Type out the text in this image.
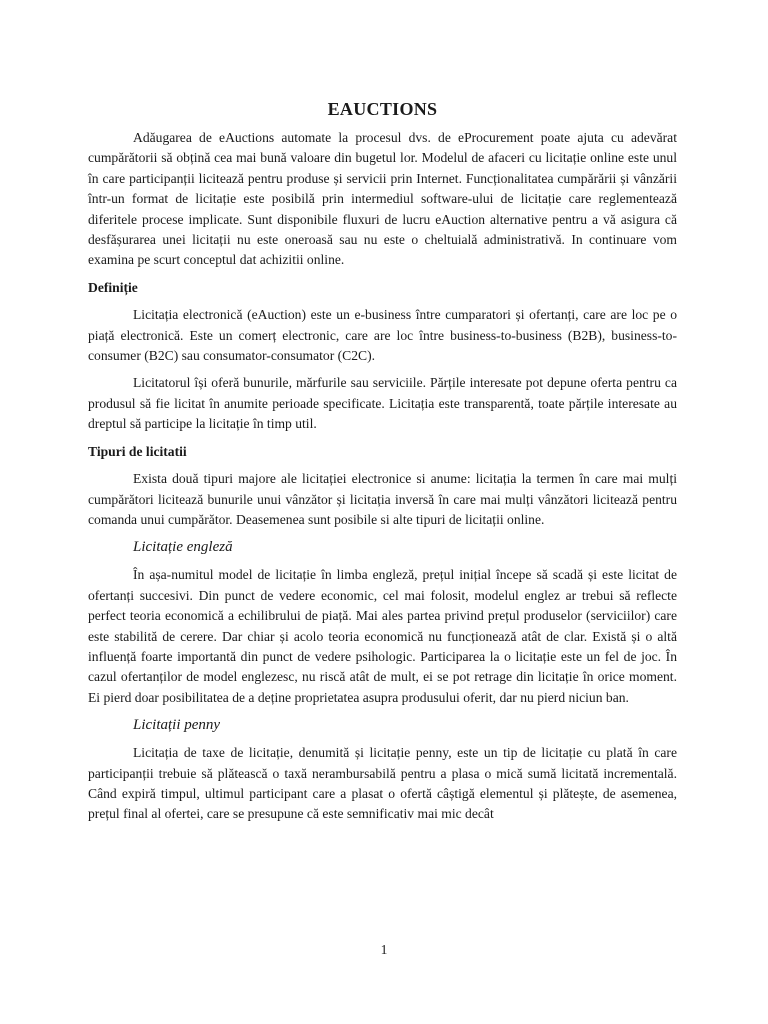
EAUCTIONS

Adăugarea de eAuctions automate la procesul dvs. de eProcurement poate ajuta cu adevărat cumpărătorii să obțină cea mai bună valoare din bugetul lor. Modelul de afaceri cu licitație online este unul în care participanții licitează pentru produse și servicii prin Internet. Funcționalitatea cumpărării și vânzării într-un format de licitație este posibilă prin intermediul software-ului de licitație care reglementează diferitele procese implicate. Sunt disponibile fluxuri de lucru eAuction alternative pentru a vă asigura că desfășurarea unei licitații nu este oneroasă sau nu este o cheltuială administrativă. In continuare vom examina pe scurt conceptul dat achizitii online.

Definiție

Licitația electronică (eAuction) este un e-business între cumparatori și ofertanți, care are loc pe o piață electronică. Este un comerț electronic, care are loc între business-to-business (B2B), business-to-consumer (B2C) sau consumator-consumator (C2C).

Licitatorul își oferă bunurile, mărfurile sau serviciile. Părțile interesate pot depune oferta pentru ca produsul să fie licitat în anumite perioade specificate. Licitația este transparentă, toate părțile interesate au dreptul să participe la licitație în timp util.

Tipuri de licitatii

Exista două tipuri majore ale licitației electronice si anume: licitația la termen în care mai mulți cumpărători licitează bunurile unui vânzător și licitația inversă în care mai mulți vânzători licitează pentru comanda unui cumpărător. Deasemenea sunt posibile si alte tipuri de licitații online.

Licitație engleză

În așa-numitul model de licitație în limba engleză, prețul inițial începe să scadă și este licitat de ofertanți succesivi. Din punct de vedere economic, cel mai folosit, modelul englez ar trebui să reflecte perfect teoria economică a echilibrului de piață. Mai ales partea privind prețul produselor (serviciilor) care este stabilită de cerere. Dar chiar și acolo teoria economică nu funcționează atât de clar. Există și o altă influență foarte importantă din punct de vedere psihologic. Participarea la o licitație este un fel de joc. În cazul ofertanților de model englezesc, nu riscă atât de mult, ei se pot retrage din licitație în orice moment. Ei pierd doar posibilitatea de a deține proprietatea asupra produsului oferit, dar nu pierd niciun ban.

Licitații penny

Licitația de taxe de licitație, denumită și licitație penny, este un tip de licitație cu plată în care participanții trebuie să plătească o taxă nerambursabilă pentru a plasa o mică sumă licitată incrementală. Când expiră timpul, ultimul participant care a plasat o ofertă câștigă elementul și plătește, de asemenea, prețul final al ofertei, care se presupune că este semnificativ mai mic decât

1
